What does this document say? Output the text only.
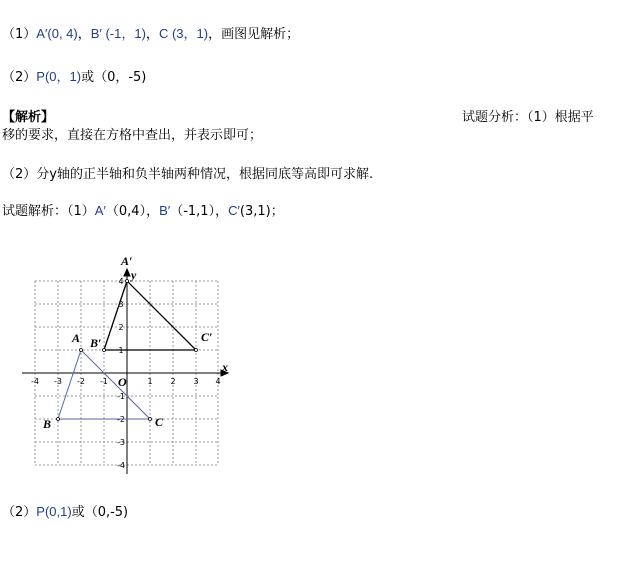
（1）A′(0, 4)，B′ (-1，1)，C (3，1)，画图见解析；
（2）P(0，1)或（0，-5)
【解析】	试题分析：（1）根据平
移的要求，直接在方格中查出，并表示即可；
（2）分y轴的正半轴和负半轴两种情况，根据同底等高即可求解.
试题解析：（1）A′（0,4），B′（-1,1），C′(3,1)；
-4 -3 -2 -1	1 2 3 4
4
3
2
1
-1
-2
-3
-4
A′
y
C′
A B′
O
x
B	C
（2）P(0,1)或（0,-5)
